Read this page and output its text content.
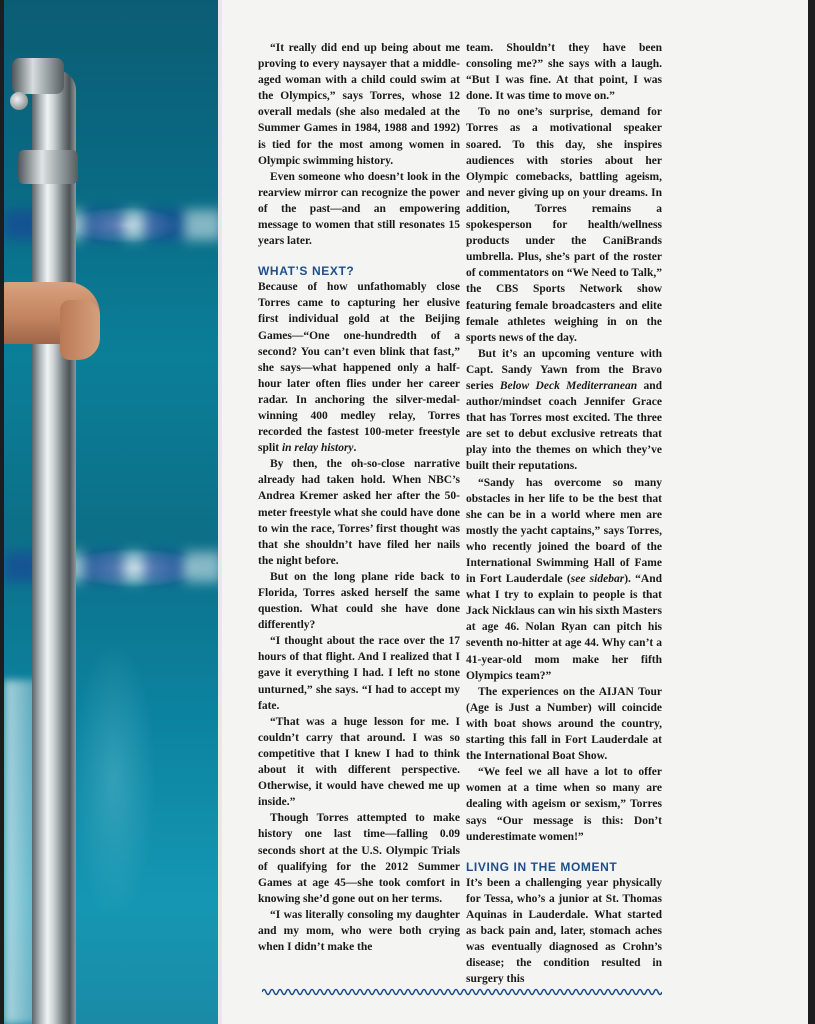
“It really did end up being about me proving to every naysayer that a middle-aged woman with a child could swim at the Olympics,” says Torres, whose 12 overall medals (she also medaled at the Summer Games in 1984, 1988 and 1992) is tied for the most among women in Olympic swimming history.

Even someone who doesn’t look in the rearview mirror can recognize the power of the past—and an empowering message to women that still resonates 15 years later.

WHAT’S NEXT?

Because of how unfathomably close Torres came to capturing her elusive first individual gold at the Beijing Games—“One one-hundredth of a second? You can’t even blink that fast,” she says—what happened only a half-hour later often flies under her career radar. In anchoring the silver-medal-winning 400 medley relay, Torres recorded the fastest 100-meter freestyle split in relay history.

By then, the oh-so-close narrative already had taken hold. When NBC’s Andrea Kremer asked her after the 50-meter freestyle what she could have done to win the race, Torres’ first thought was that she shouldn’t have filed her nails the night before.

But on the long plane ride back to Florida, Torres asked herself the same question. What could she have done differently?

“I thought about the race over the 17 hours of that flight. And I realized that I gave it everything I had. I left no stone unturned,” she says. “I had to accept my fate.

“That was a huge lesson for me. I couldn’t carry that around. I was so competitive that I knew I had to think about it with different perspective. Otherwise, it would have chewed me up inside.”

Though Torres attempted to make history one last time—falling 0.09 seconds short at the U.S. Olympic Trials of qualifying for the 2012 Summer Games at age 45—she took comfort in knowing she’d gone out on her terms.

“I was literally consoling my daughter and my mom, who were both crying when I didn’t make the

team. Shouldn’t they have been consoling me?” she says with a laugh. “But I was fine. At that point, I was done. It was time to move on.”

To no one’s surprise, demand for Torres as a motivational speaker soared. To this day, she inspires audiences with stories about her Olympic comebacks, battling ageism, and never giving up on your dreams. In addition, Torres remains a spokesperson for health/wellness products under the CaniBrands umbrella. Plus, she’s part of the roster of commentators on “We Need to Talk,” the CBS Sports Network show featuring female broadcasters and elite female athletes weighing in on the sports news of the day.

But it’s an upcoming venture with Capt. Sandy Yawn from the Bravo series Below Deck Mediterranean and author/mindset coach Jennifer Grace that has Torres most excited. The three are set to debut exclusive retreats that play into the themes on which they’ve built their reputations.

“Sandy has overcome so many obstacles in her life to be the best that she can be in a world where men are mostly the yacht captains,” says Torres, who recently joined the board of the International Swimming Hall of Fame in Fort Lauderdale (see sidebar). “And what I try to explain to people is that Jack Nicklaus can win his sixth Masters at age 46. Nolan Ryan can pitch his seventh no-hitter at age 44. Why can’t a 41-year-old mom make her fifth Olympics team?”

The experiences on the AIJAN Tour (Age is Just a Number) will coincide with boat shows around the country, starting this fall in Fort Lauderdale at the International Boat Show.

“We feel we all have a lot to offer women at a time when so many are dealing with ageism or sexism,” Torres says “Our message is this: Don’t underestimate women!”

LIVING IN THE MOMENT

It’s been a challenging year physically for Tessa, who’s a junior at St. Thomas Aquinas in Lauderdale. What started as back pain and, later, stomach aches was eventually diagnosed as Crohn’s disease; the condition resulted in surgery this
